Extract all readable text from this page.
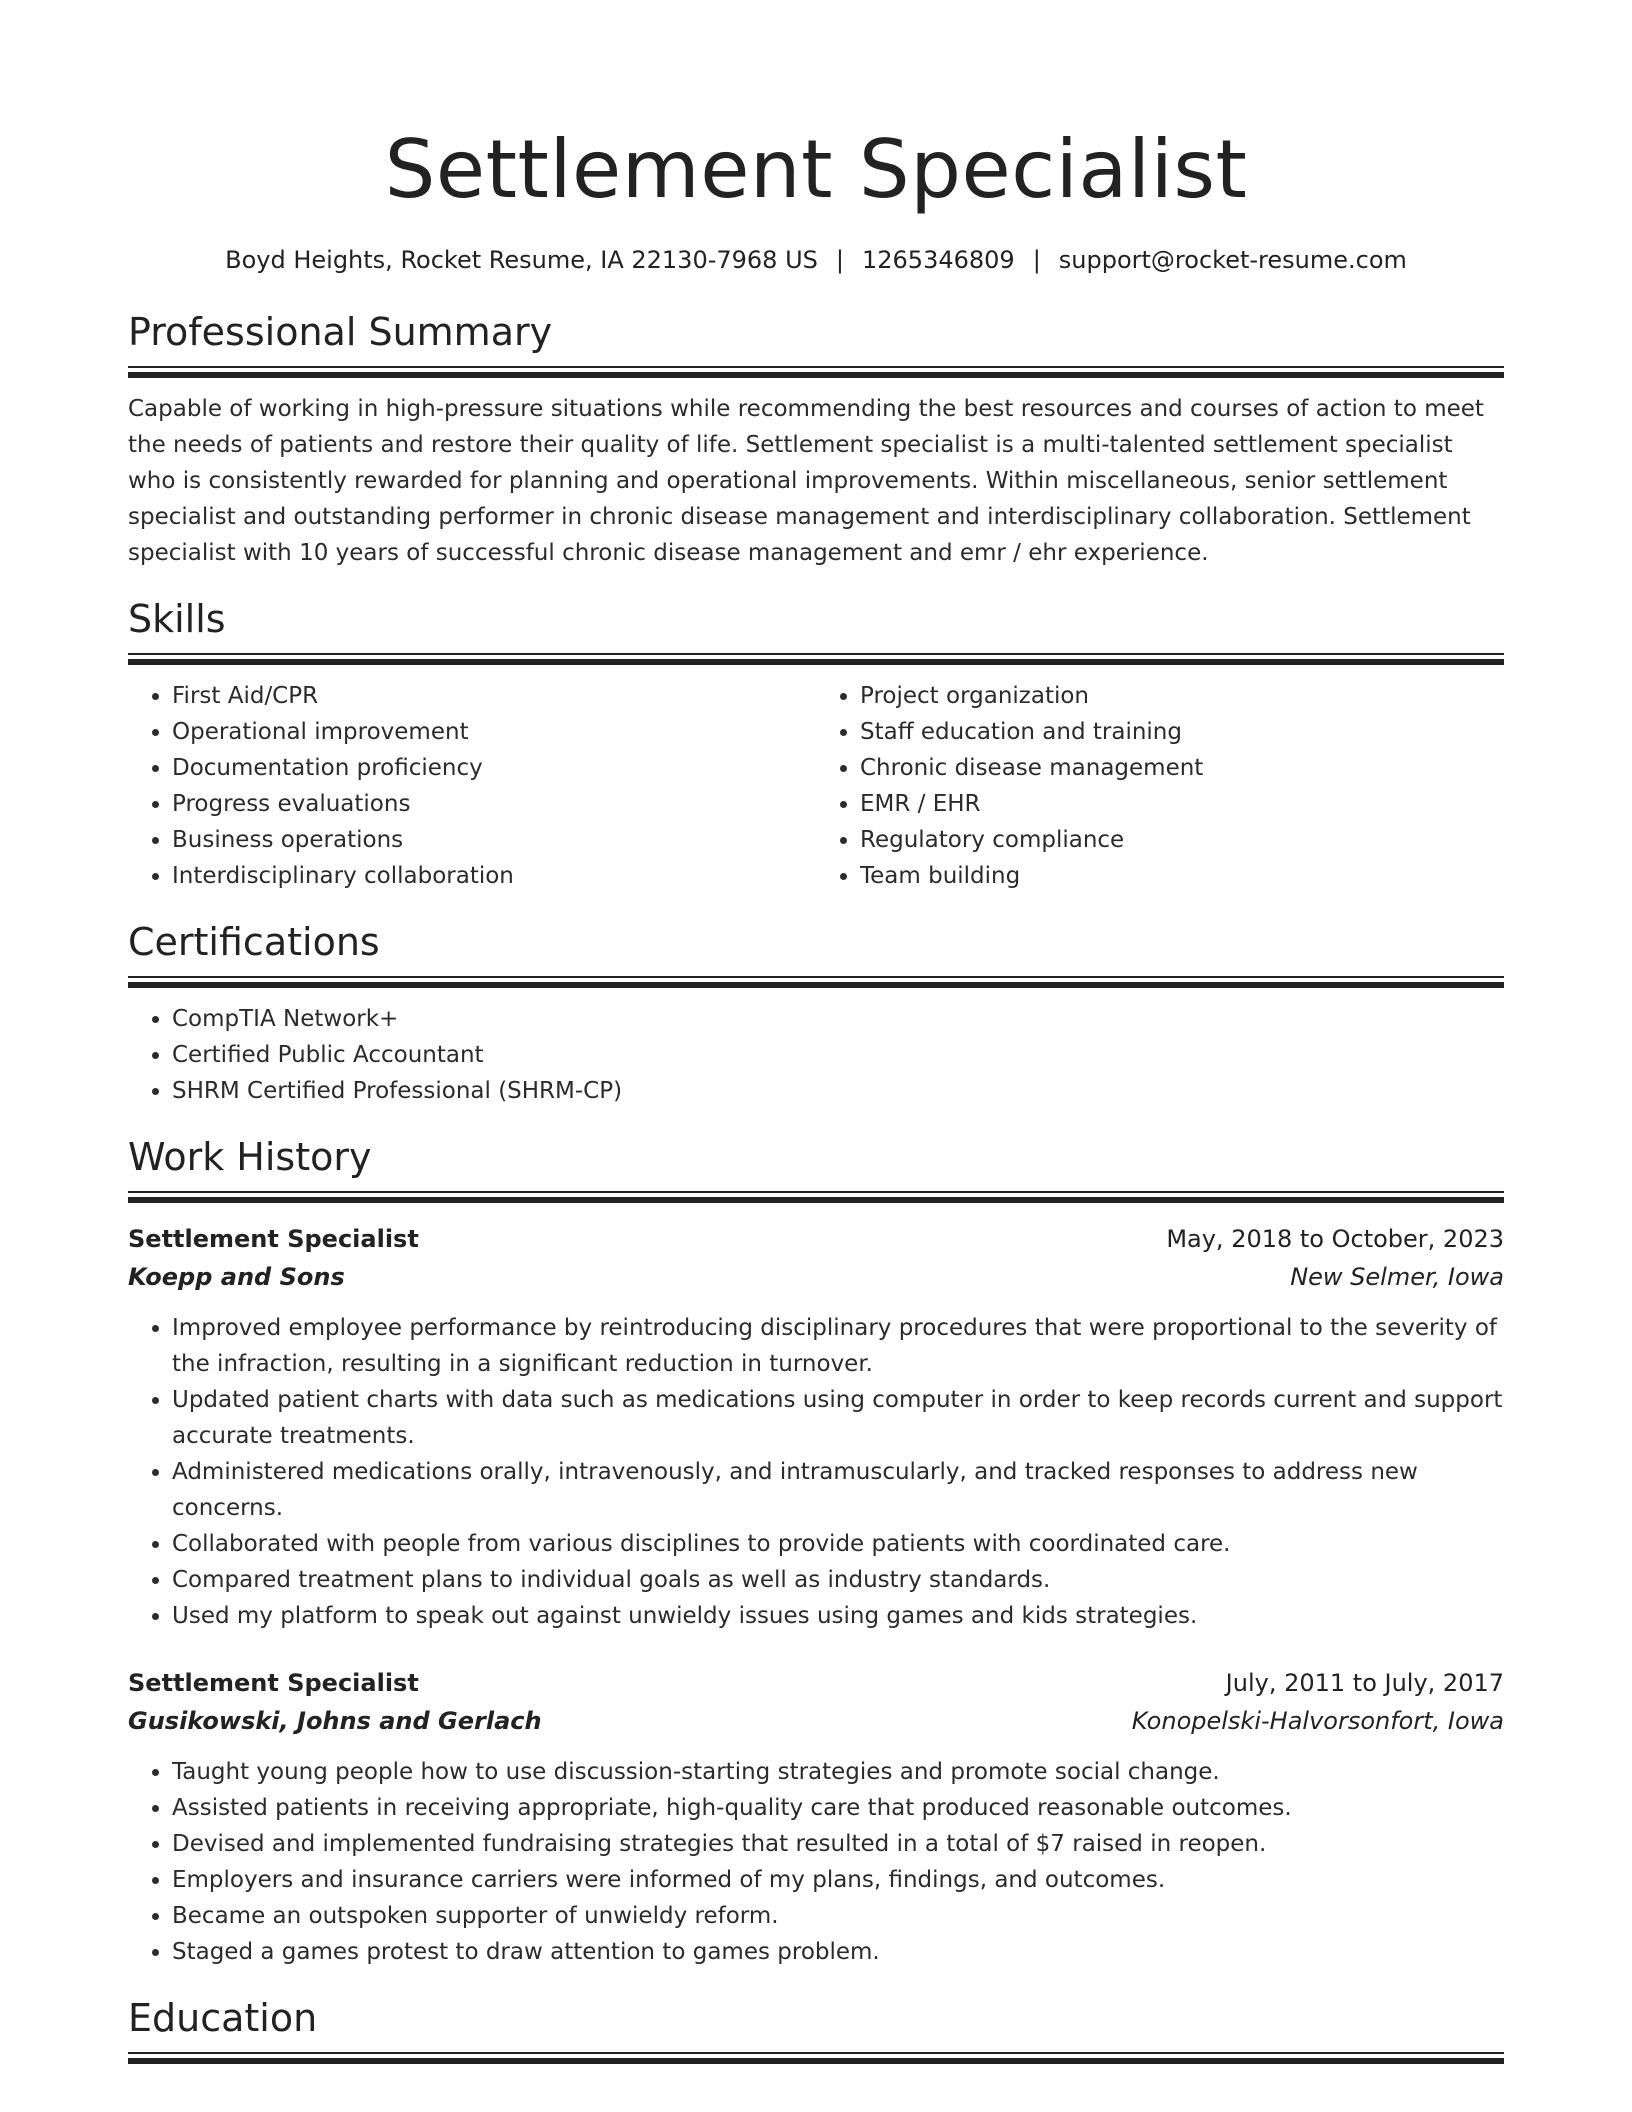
Settlement Specialist
Boyd Heights, Rocket Resume, IA 22130-7968 US | 1265346809 | support@rocket-resume.com
Professional Summary

Capable of working in high-pressure situations while recommending the best resources and courses of action to meet the needs of patients and restore their quality of life. Settlement specialist is a multi-talented settlement specialist who is consistently rewarded for planning and operational improvements. Within miscellaneous, senior settlement specialist and outstanding performer in chronic disease management and interdisciplinary collaboration. Settlement specialist with 10 years of successful chronic disease management and emr / ehr experience.

Skills
• First Aid/CPR
• Operational improvement
• Documentation proficiency
• Progress evaluations
• Business operations
• Interdisciplinary collaboration
• Project organization
• Staff education and training
• Chronic disease management
• EMR / EHR
• Regulatory compliance
• Team building
Certifications
• CompTIA Network+
• Certified Public Accountant
• SHRM Certified Professional (SHRM-CP)
Work History
Settlement Specialist	May, 2018 to October, 2023
Koepp and Sons	New Selmer, Iowa
• Improved employee performance by reintroducing disciplinary procedures that were proportional to the severity of the infraction, resulting in a significant reduction in turnover.
• Updated patient charts with data such as medications using computer in order to keep records current and support accurate treatments.
• Administered medications orally, intravenously, and intramuscularly, and tracked responses to address new concerns.
• Collaborated with people from various disciplines to provide patients with coordinated care.
• Compared treatment plans to individual goals as well as industry standards.
• Used my platform to speak out against unwieldy issues using games and kids strategies.
Settlement Specialist	July, 2011 to July, 2017
Gusikowski, Johns and Gerlach	Konopelski-Halvorsonfort, Iowa
• Taught young people how to use discussion-starting strategies and promote social change.
• Assisted patients in receiving appropriate, high-quality care that produced reasonable outcomes.
• Devised and implemented fundraising strategies that resulted in a total of $7 raised in reopen.
• Employers and insurance carriers were informed of my plans, findings, and outcomes.
• Became an outspoken supporter of unwieldy reform.
• Staged a games protest to draw attention to games problem.
Education
